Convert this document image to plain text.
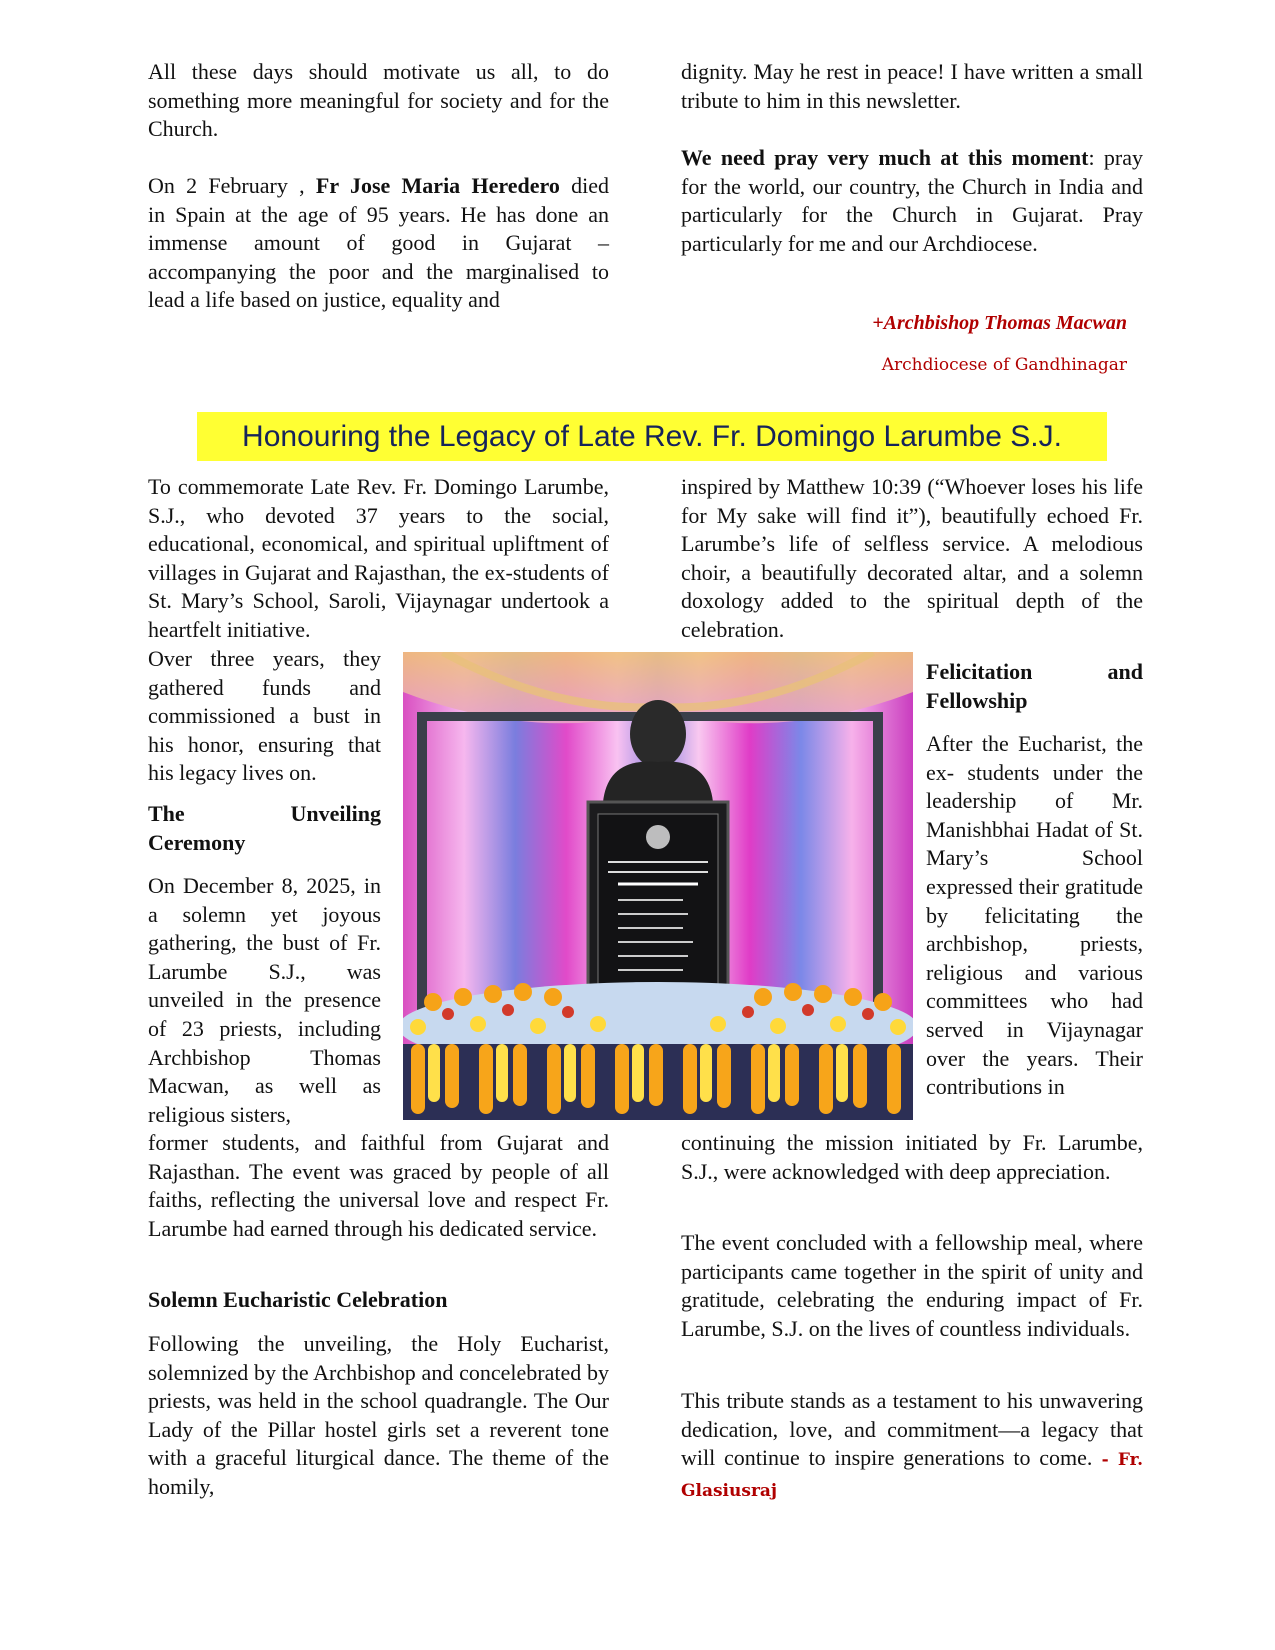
All these days should motivate us all, to do something more meaningful for society and for the Church.

On 2 February , Fr Jose Maria Heredero died
in Spain at the age of 95 years. He has done an
immense amount of good in Gujarat –
accompanying the poor and the marginalised to
lead a life based on justice, equality and

dignity. May he rest in peace! I have written a small tribute to him in this newsletter.

We need pray very much at this moment: pray for the world, our country, the Church in India and particularly for the Church in Gujarat. Pray particularly for me and our Archdiocese.

+Archbishop Thomas Macwan
Archdiocese of Gandhinagar
Honouring the Legacy of Late Rev. Fr. Domingo Larumbe S.J.

To commemorate Late Rev. Fr. Domingo Larumbe, S.J., who devoted 37 years to the social, educational, economical, and spiritual upliftment of villages in Gujarat and Rajasthan, the ex-students of St. Mary’s School, Saroli, Vijaynagar undertook a heartfelt initiative.

Over three years, they gathered funds and commissioned a bust in his honor, ensuring that his legacy lives on.

The	Unveiling
Ceremony

On December 8, 2025, in a solemn yet joyous gathering, the bust of Fr. Larumbe S.J., was unveiled in the presence of 23 priests, including Archbishop Thomas Macwan, as well as religious sisters,

former students, and faithful from Gujarat and Rajasthan. The event was graced by people of all faiths, reflecting the universal love and respect Fr. Larumbe had earned through his dedicated service.

Solemn Eucharistic Celebration

Following the unveiling, the Holy Eucharist, solemnized by the Archbishop and concelebrated by priests, was held in the school quadrangle. The Our Lady of the Pillar hostel girls set a reverent tone with a graceful liturgical dance. The theme of the homily,

inspired by Matthew 10:39 (“Whoever loses his life for My sake will find it”), beautifully echoed Fr. Larumbe’s life of selfless service. A melodious choir, a beautifully decorated altar, and a solemn doxology added to the spiritual depth of the celebration.

Felicitation	and
Fellowship

After the Eucharist, the ex- students under the leadership of Mr. Manishbhai Hadat of St. Mary’s School expressed their gratitude by felicitating the archbishop, priests, religious and various committees who had served in Vijaynagar over the years. Their contributions in

continuing the mission initiated by Fr. Larumbe, S.J., were acknowledged with deep appreciation.

The event concluded with a fellowship meal, where participants came together in the spirit of unity and gratitude, celebrating the enduring impact of Fr. Larumbe, S.J. on the lives of countless individuals.

This tribute stands as a testament to his unwavering dedication, love, and commitment—a legacy that will continue to inspire generations to come. - Fr. Glasiusraj
